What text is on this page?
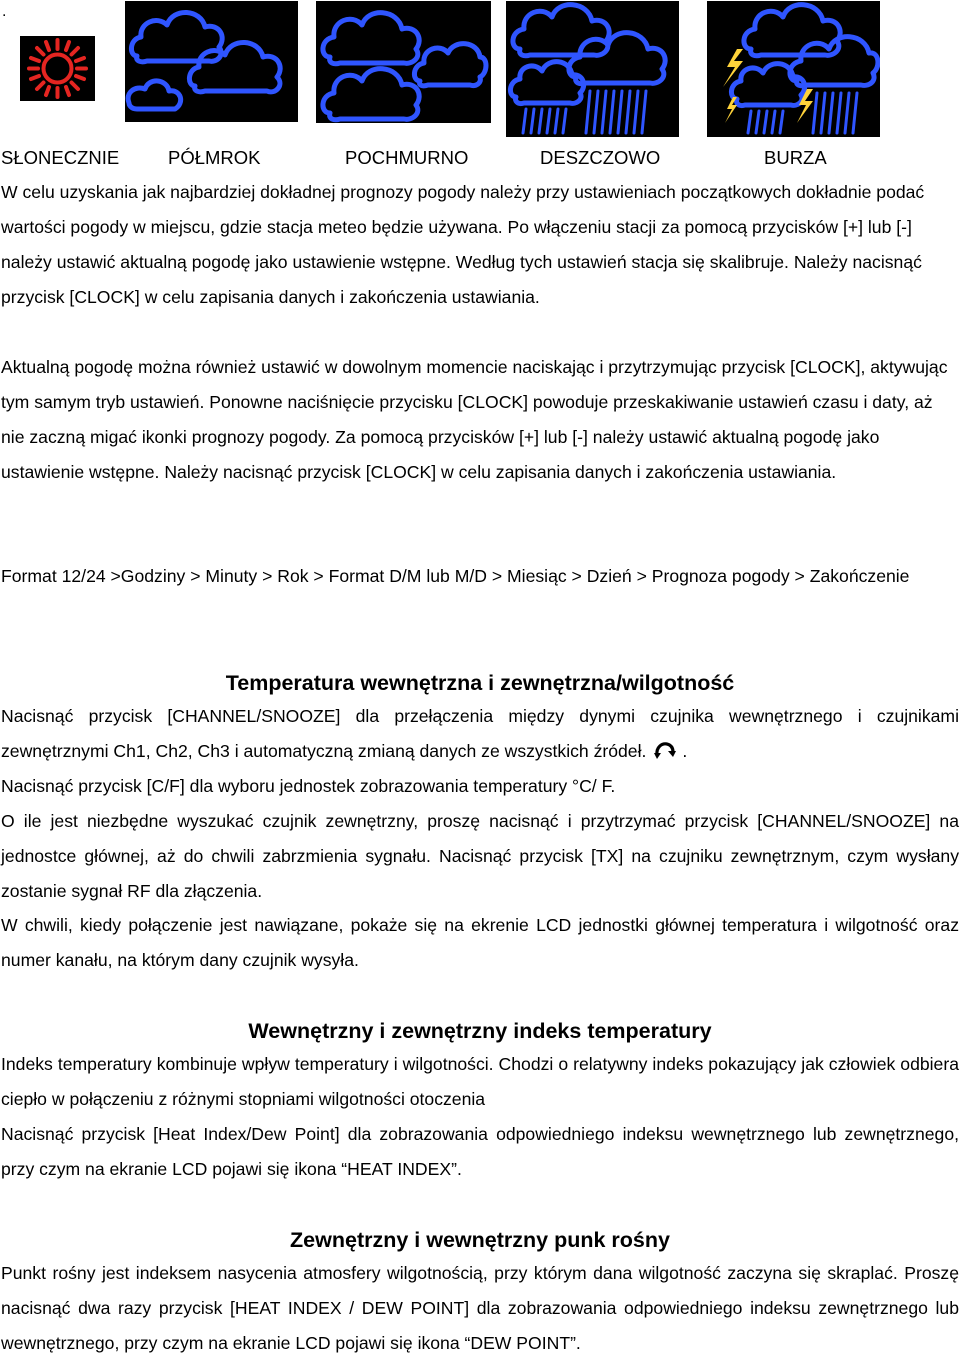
.
SŁONECZNIE	PÓŁMROK	POCHMURNO	DESZCZOWO	BURZA

W celu uzyskania jak najbardziej dokładnej prognozy pogody należy przy ustawieniach początkowych dokładnie podać wartości pogody w miejscu, gdzie stacja meteo będzie używana. Po włączeniu stacji za pomocą przycisków [+] lub [-] należy ustawić aktualną pogodę jako ustawienie wstępne. Według tych ustawień stacja się skalibruje. Należy nacisnąć przycisk [CLOCK] w celu zapisania danych i zakończenia ustawiania.

Aktualną pogodę można również ustawić w dowolnym momencie naciskając i przytrzymując przycisk [CLOCK], aktywując tym samym tryb ustawień. Ponowne naciśnięcie przycisku [CLOCK] powoduje przeskakiwanie ustawień czasu i daty, aż nie zaczną migać ikonki prognozy pogody. Za pomocą przycisków [+] lub [-] należy ustawić aktualną pogodę jako ustawienie wstępne. Należy nacisnąć przycisk [CLOCK] w celu zapisania danych i zakończenia ustawiania.

Format 12/24 >Godziny > Minuty > Rok > Format D/M lub M/D > Miesiąc > Dzień > Prognoza pogody > Zakończenie

Temperatura wewnętrzna i zewnętrzna/wilgotność

Nacisnąć przycisk [CHANNEL/SNOOZE] dla przełączenia między dynymi czujnika wewnętrznego i czujnikami zewnętrznymi Ch1, Ch2, Ch3 i automatyczną zmianą danych ze wszystkich źródeł. .

Nacisnąć przycisk [C/F] dla wyboru jednostek zobrazowania temperatury °C/ F.

O ile jest niezbędne wyszukać czujnik zewnętrzny, proszę nacisnąć i przytrzymać przycisk [CHANNEL/SNOOZE] na jednostce głównej, aż do chwili zabrzmienia sygnału. Nacisnąć przycisk [TX] na czujniku zewnętrznym, czym wysłany zostanie sygnał RF dla złączenia.

W chwili, kiedy połączenie jest nawiązane, pokaże się na ekrenie LCD jednostki głównej temperatura i wilgotność oraz numer kanału, na którym dany czujnik wysyła.

Wewnętrzny i zewnętrzny indeks temperatury

Indeks temperatury kombinuje wpływ temperatury i wilgotności. Chodzi o relatywny indeks pokazujący jak człowiek odbiera ciepło w połączeniu z różnymi stopniami wilgotności otoczenia

Nacisnąć przycisk [Heat Index/Dew Point] dla zobrazowania odpowiedniego indeksu wewnętrznego lub zewnętrznego, przy czym na ekranie LCD pojawi się ikona “HEAT INDEX”.

Zewnętrzny i wewnętrzny punk rośny

Punkt rośny jest indeksem nasycenia atmosfery wilgotnością, przy którym dana wilgotność zaczyna się skraplać. Proszę nacisnąć dwa razy przycisk [HEAT INDEX / DEW POINT] dla zobrazowania odpowiedniego indeksu zewnętrznego lub wewnętrznego, przy czym na ekranie LCD pojawi się ikona “DEW POINT”.
